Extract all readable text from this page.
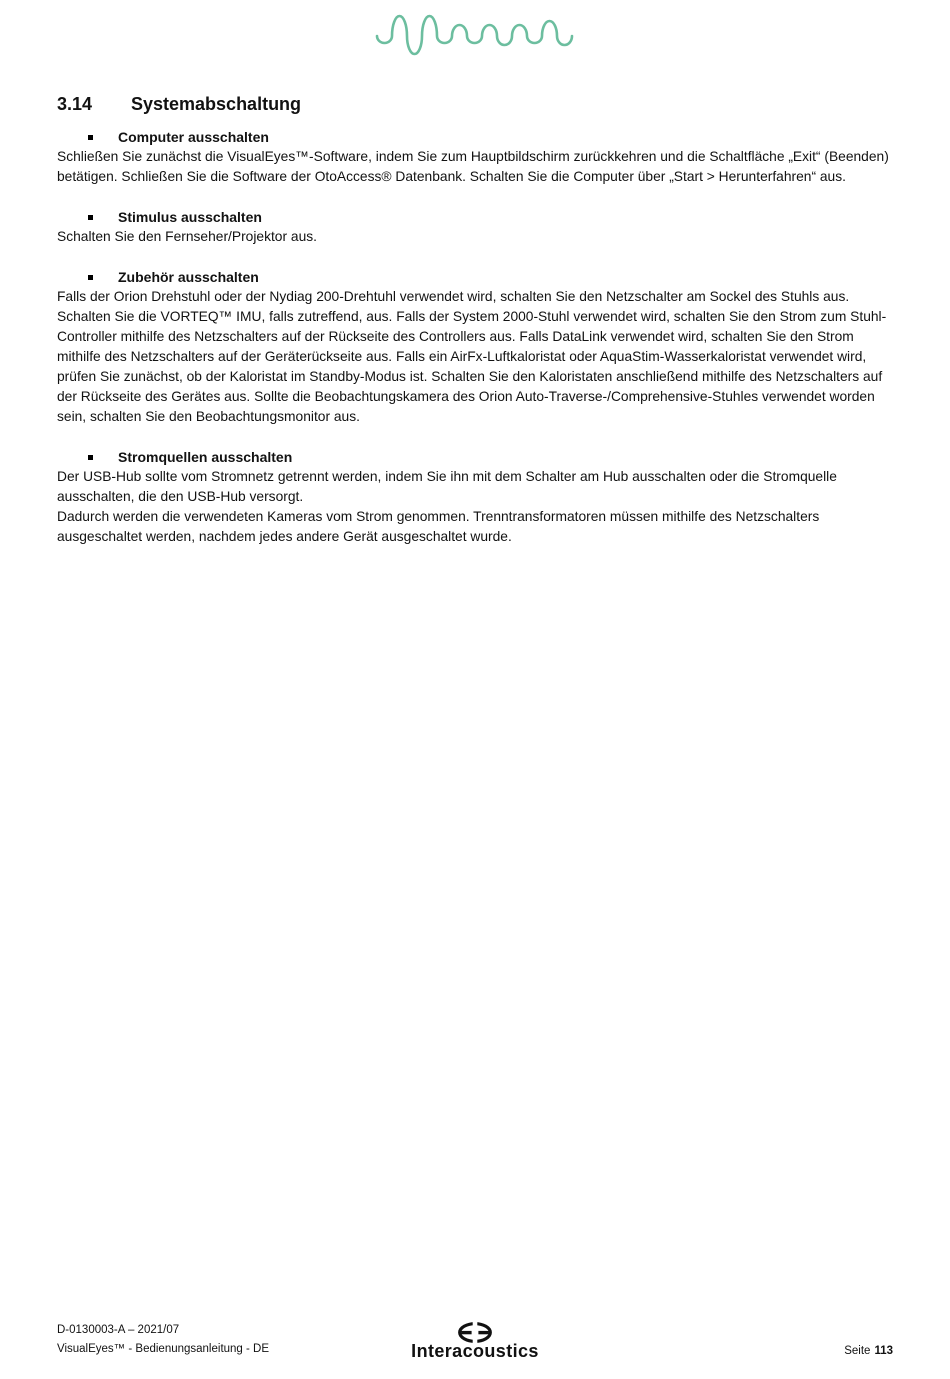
3.14	Systemabschaltung
Computer ausschalten

Schließen Sie zunächst die VisualEyes™-Software, indem Sie zum Hauptbildschirm zurückkehren und die Schaltfläche „Exit“ (Beenden) betätigen. Schließen Sie die Software der OtoAccess® Datenbank. Schalten Sie die Computer über „Start > Herunterfahren“ aus.

Stimulus ausschalten

Schalten Sie den Fernseher/Projektor aus.

Zubehör ausschalten

Falls der Orion Drehstuhl oder der Nydiag 200-Drehtuhl verwendet wird, schalten Sie den Netzschalter am Sockel des Stuhls aus. Schalten Sie die VORTEQ™ IMU, falls zutreffend, aus. Falls der System 2000-Stuhl verwendet wird, schalten Sie den Strom zum Stuhl-Controller mithilfe des Netzschalters auf der Rückseite des Controllers aus. Falls DataLink verwendet wird, schalten Sie den Strom mithilfe des Netzschalters auf der Geräterückseite aus. Falls ein AirFx-Luftkaloristat oder AquaStim-Wasserkaloristat verwendet wird, prüfen Sie zunächst, ob der Kaloristat im Standby-Modus ist. Schalten Sie den Kaloristaten anschließend mithilfe des Netzschalters auf der Rückseite des Gerätes aus. Sollte die Beobachtungskamera des Orion Auto-Traverse-/Comprehensive-Stuhles verwendet worden sein, schalten Sie den Beobachtungsmonitor aus.

Stromquellen ausschalten

Der USB-Hub sollte vom Stromnetz getrennt werden, indem Sie ihn mit dem Schalter am Hub ausschalten oder die Stromquelle ausschalten, die den USB-Hub versorgt.

Dadurch werden die verwendeten Kameras vom Strom genommen. Trenntransformatoren müssen mithilfe des Netzschalters ausgeschaltet werden, nachdem jedes andere Gerät ausgeschaltet wurde.

D-0130003-A – 2021/07
VisualEyes™ - Bedienungsanleitung - DE	Interacoustics	Seite 113
